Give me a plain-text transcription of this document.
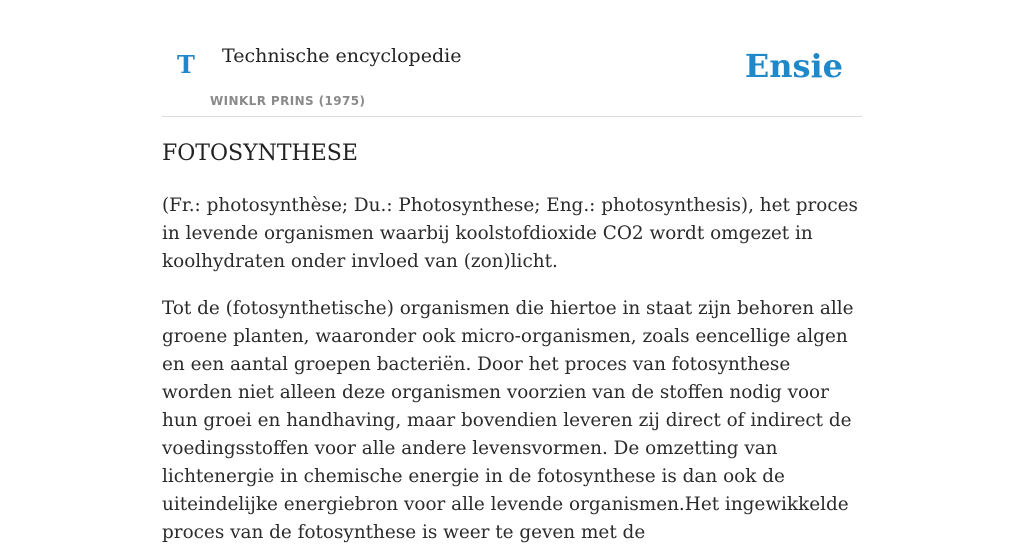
T Technische encyclopedie
WINKLR PRINS (1975)
Ensie
FOTOSYNTHESE

(Fr.: photosynthèse; Du.: Photosynthese; Eng.: photosynthesis), het proces in levende organismen waarbij koolstofdioxide CO2 wordt omgezet in koolhydraten onder invloed van (zon)licht.

Tot de (fotosynthetische) organismen die hiertoe in staat zijn behoren alle groene planten, waaronder ook micro-organismen, zoals eencellige algen en een aantal groepen bacteriën. Door het proces van fotosynthese worden niet alleen deze organismen voorzien van de stoffen nodig voor hun groei en handhaving, maar bovendien leveren zij direct of indirect de voedingsstoffen voor alle andere levensvormen. De omzetting van lichtenergie in chemische energie in de fotosynthese is dan ook de uiteindelijke energiebron voor alle levende organismen.Het ingewikkelde proces van de fotosynthese is weer te geven met de
